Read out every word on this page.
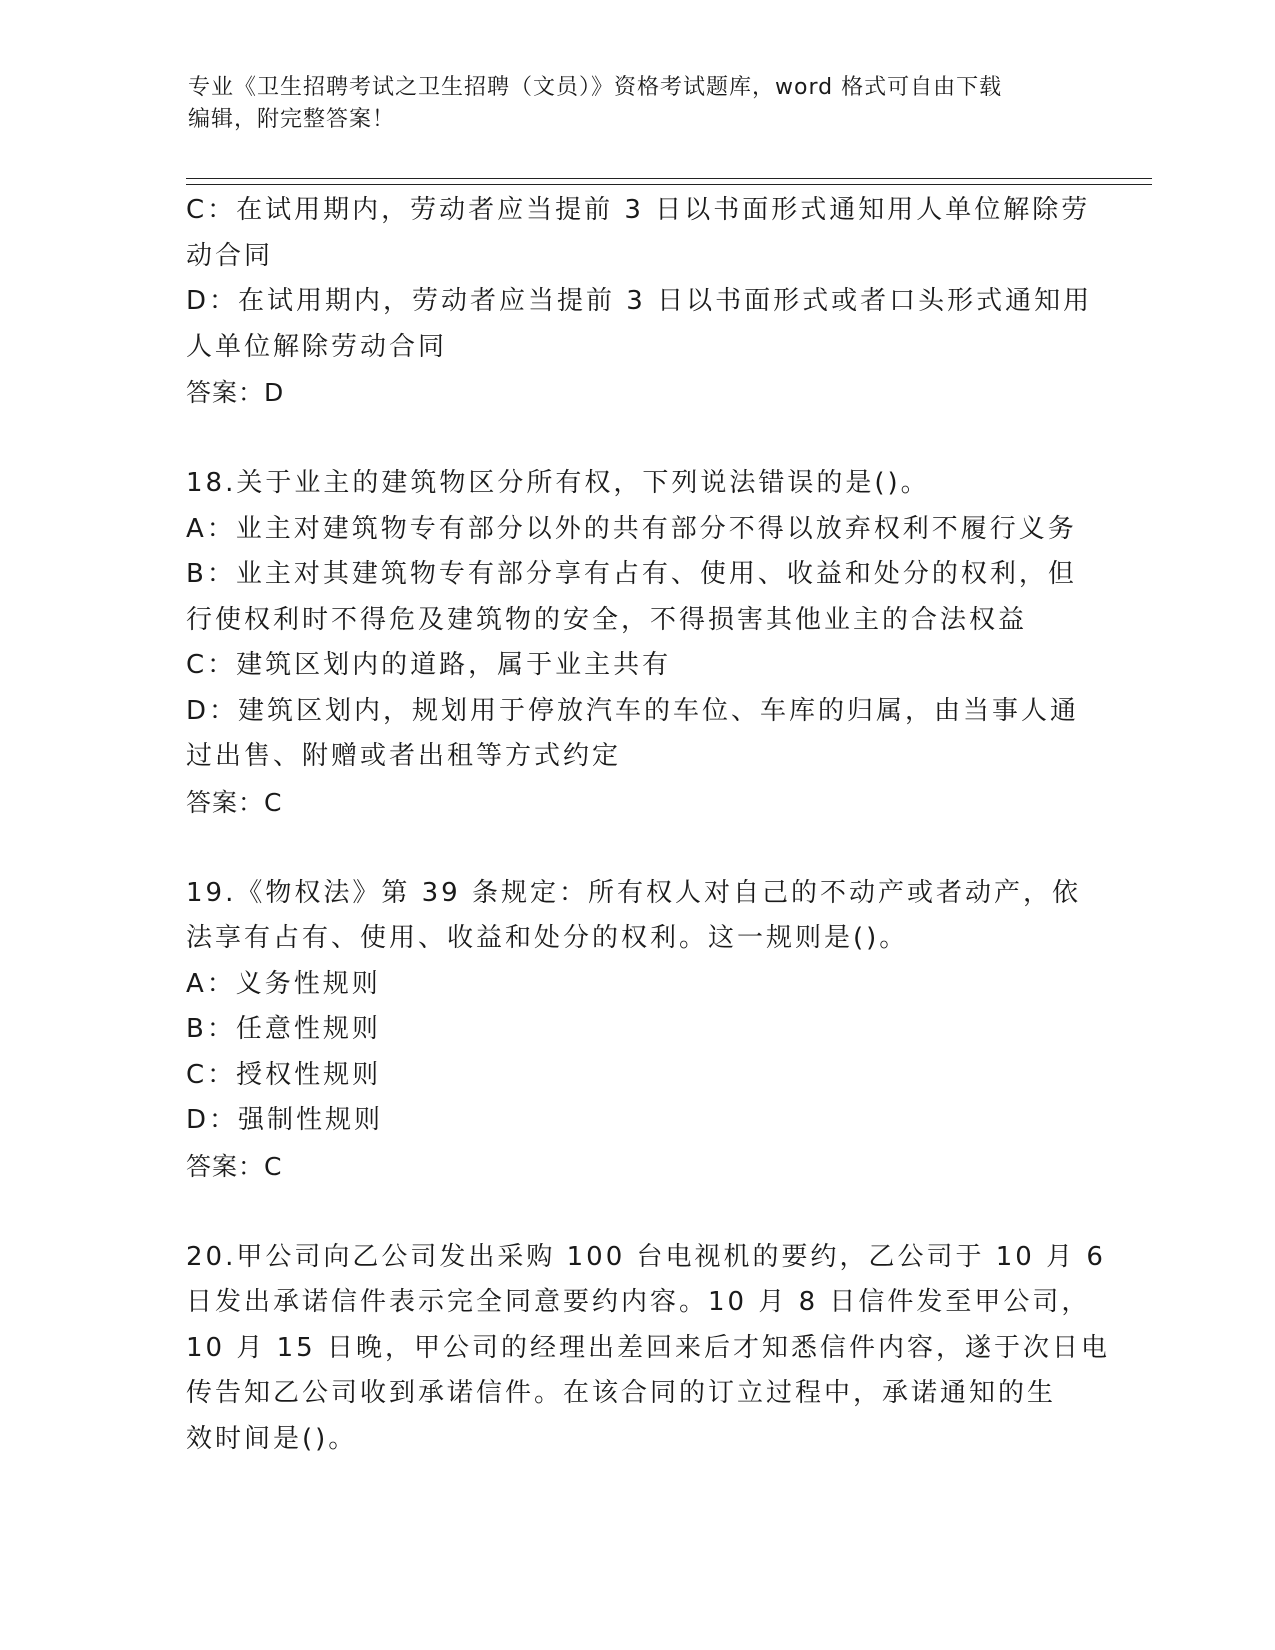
专业《卫生招聘考试之卫生招聘（文员）》资格考试题库，word 格式可自由下载
编辑，附完整答案！
C：在试用期内，劳动者应当提前 3 日以书面形式通知用人单位解除劳
动合同
D：在试用期内，劳动者应当提前 3 日以书面形式或者口头形式通知用
人单位解除劳动合同
答案：D
18.关于业主的建筑物区分所有权，下列说法错误的是()。
A：业主对建筑物专有部分以外的共有部分不得以放弃权利不履行义务
B：业主对其建筑物专有部分享有占有、使用、收益和处分的权利，但
行使权利时不得危及建筑物的安全，不得损害其他业主的合法权益
C：建筑区划内的道路，属于业主共有
D：建筑区划内，规划用于停放汽车的车位、车库的归属，由当事人通
过出售、附赠或者出租等方式约定
答案：C
19.《物权法》第 39 条规定：所有权人对自己的不动产或者动产，依
法享有占有、使用、收益和处分的权利。这一规则是()。
A：义务性规则
B：任意性规则
C：授权性规则
D：强制性规则
答案：C
20.甲公司向乙公司发出采购 100 台电视机的要约，乙公司于 10 月 6
日发出承诺信件表示完全同意要约内容。10 月 8 日信件发至甲公司，
10 月 15 日晚，甲公司的经理出差回来后才知悉信件内容，遂于次日电
传告知乙公司收到承诺信件。在该合同的订立过程中，承诺通知的生
效时间是()。
